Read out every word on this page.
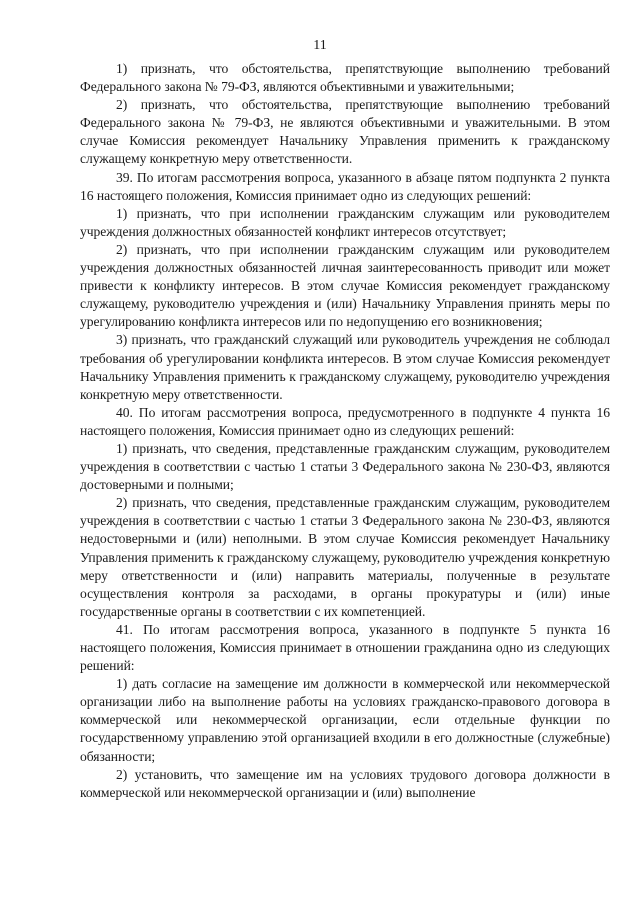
11

1) признать, что обстоятельства, препятствующие выполнению требований Федерального закона № 79-ФЗ, являются объективными и уважительными;

2) признать, что обстоятельства, препятствующие выполнению требований Федерального закона № 79-ФЗ, не являются объективными и уважительными. В этом случае Комиссия рекомендует Начальнику Управления применить к гражданскому служащему конкретную меру ответственности.

39. По итогам рассмотрения вопроса, указанного в абзаце пятом подпункта 2 пункта 16 настоящего положения, Комиссия принимает одно из следующих решений:

1) признать, что при исполнении гражданским служащим или руководителем учреждения должностных обязанностей конфликт интересов отсутствует;

2) признать, что при исполнении гражданским служащим или руководителем учреждения должностных обязанностей личная заинтересованность приводит или может привести к конфликту интересов. В этом случае Комиссия рекомендует гражданскому служащему, руководителю учреждения и (или) Начальнику Управления принять меры по урегулированию конфликта интересов или по недопущению его возникновения;

3) признать, что гражданский служащий или руководитель учреждения не соблюдал требования об урегулировании конфликта интересов. В этом случае Комиссия рекомендует Начальнику Управления применить к гражданскому служащему, руководителю учреждения конкретную меру ответственности.

40. По итогам рассмотрения вопроса, предусмотренного в подпункте 4 пункта 16 настоящего положения, Комиссия принимает одно из следующих решений:

1) признать, что сведения, представленные гражданским служащим, руководителем учреждения в соответствии с частью 1 статьи 3 Федерального закона № 230-ФЗ, являются достоверными и полными;

2) признать, что сведения, представленные гражданским служащим, руководителем учреждения в соответствии с частью 1 статьи 3 Федерального закона № 230-ФЗ, являются недостоверными и (или) неполными. В этом случае Комиссия рекомендует Начальнику Управления применить к гражданскому служащему, руководителю учреждения конкретную меру ответственности и (или) направить материалы, полученные в результате осуществления контроля за расходами, в органы прокуратуры и (или) иные государственные органы в соответствии с их компетенцией.

41. По итогам рассмотрения вопроса, указанного в подпункте 5 пункта 16 настоящего положения, Комиссия принимает в отношении гражданина одно из следующих решений:

1) дать согласие на замещение им должности в коммерческой или некоммерческой организации либо на выполнение работы на условиях гражданско-правового договора в коммерческой или некоммерческой организации, если отдельные функции по государственному управлению этой организацией входили в его должностные (служебные) обязанности;

2) установить, что замещение им на условиях трудового договора должности в коммерческой или некоммерческой организации и (или) выполнение
